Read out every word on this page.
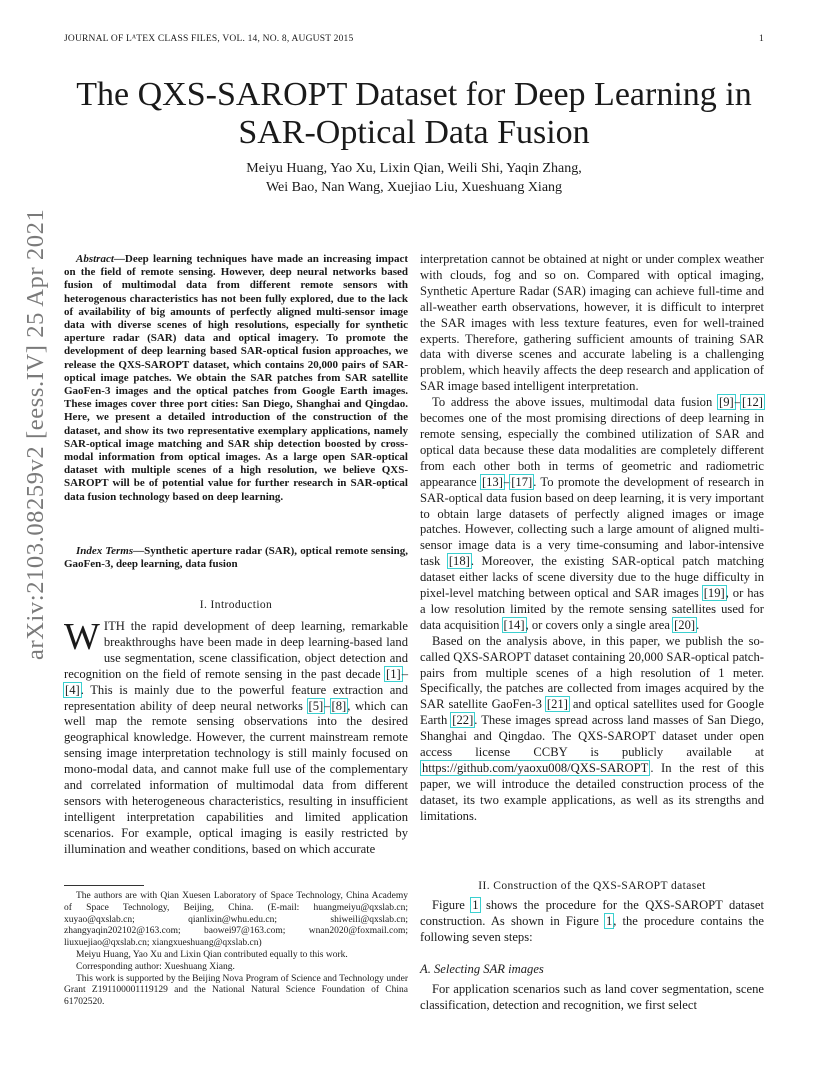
JOURNAL OF LᴬTEX CLASS FILES, VOL. 14, NO. 8, AUGUST 2015	1
arXiv:2103.08259v2 [eess.IV] 25 Apr 2021
The QXS-SAROPT Dataset for Deep Learning in SAR-Optical Data Fusion
Meiyu Huang, Yao Xu, Lixin Qian, Weili Shi, Yaqin Zhang,
Wei Bao, Nan Wang, Xuejiao Liu, Xueshuang Xiang

Abstract—Deep learning techniques have made an increasing impact on the field of remote sensing. However, deep neural networks based fusion of multimodal data from different remote sensors with heterogenous characteristics has not been fully explored, due to the lack of availability of big amounts of perfectly aligned multi-sensor image data with diverse scenes of high resolutions, especially for synthetic aperture radar (SAR) data and optical imagery. To promote the development of deep learning based SAR-optical fusion approaches, we release the QXS-SAROPT dataset, which contains 20,000 pairs of SAR-optical image patches. We obtain the SAR patches from SAR satellite GaoFen-3 images and the optical patches from Google Earth images. These images cover three port cities: San Diego, Shanghai and Qingdao. Here, we present a detailed introduction of the construction of the dataset, and show its two representative exemplary applications, namely SAR-optical image matching and SAR ship detection boosted by cross-modal information from optical images. As a large open SAR-optical dataset with multiple scenes of a high resolution, we believe QXS-SAROPT will be of potential value for further research in SAR-optical data fusion technology based on deep learning.

Index Terms—Synthetic aperture radar (SAR), optical remote sensing, GaoFen-3, deep learning, data fusion
I. Introduction

WITH the rapid development of deep learning, remarkable breakthroughs have been made in deep learning-based land use segmentation, scene classification, object detection and recognition on the field of remote sensing in the past decade [1]–[4]. This is mainly due to the powerful feature extraction and representation ability of deep neural networks [5]–[8], which can well map the remote sensing observations into the desired geographical knowledge. However, the current mainstream remote sensing image interpretation technology is still mainly focused on mono-modal data, and cannot make full use of the complementary and correlated information of multimodal data from different sensors with heterogeneous characteristics, resulting in insufficient intelligent interpretation capabilities and limited application scenarios. For example, optical imaging is easily restricted by illumination and weather conditions, based on which accurate

The authors are with Qian Xuesen Laboratory of Space Technology, China Academy of Space Technology, Beijing, China. (E-mail: huangmeiyu@qxslab.cn; xuyao@qxslab.cn; qianlixin@whu.edu.cn; shiweili@qxslab.cn; zhangyaqin202102@163.com; baowei97@163.com; wnan2020@foxmail.com; liuxuejiao@qxslab.cn; xiangxueshuang@qxslab.cn)

Meiyu Huang, Yao Xu and Lixin Qian contributed equally to this work.

Corresponding author: Xueshuang Xiang.

This work is supported by the Beijing Nova Program of Science and Technology under Grant Z191100001119129 and the National Natural Science Foundation of China 61702520.

interpretation cannot be obtained at night or under complex weather with clouds, fog and so on. Compared with optical imaging, Synthetic Aperture Radar (SAR) imaging can achieve full-time and all-weather earth observations, however, it is difficult to interpret the SAR images with less texture features, even for well-trained experts. Therefore, gathering sufficient amounts of training SAR data with diverse scenes and accurate labeling is a challenging problem, which heavily affects the deep research and application of SAR image based intelligent interpretation.

To address the above issues, multimodal data fusion [9]–[12] becomes one of the most promising directions of deep learning in remote sensing, especially the combined utilization of SAR and optical data because these data modalities are completely different from each other both in terms of geometric and radiometric appearance [13]–[17]. To promote the development of research in SAR-optical data fusion based on deep learning, it is very important to obtain large datasets of perfectly aligned images or image patches. However, collecting such a large amount of aligned multi-sensor image data is a very time-consuming and labor-intensive task [18]. Moreover, the existing SAR-optical patch matching dataset either lacks of scene diversity due to the huge difficulty in pixel-level matching between optical and SAR images [19], or has a low resolution limited by the remote sensing satellites used for data acquisition [14], or covers only a single area [20].

Based on the analysis above, in this paper, we publish the so-called QXS-SAROPT dataset containing 20,000 SAR-optical patch-pairs from multiple scenes of a high resolution of 1 meter. Specifically, the patches are collected from images acquired by the SAR satellite GaoFen-3 [21] and optical satellites used for Google Earth [22]. These images spread across land masses of San Diego, Shanghai and Qingdao. The QXS-SAROPT dataset under open access license CCBY is publicly available at https://github.com/yaoxu008/QXS-SAROPT . In the rest of this paper, we will introduce the detailed construction process of the dataset, its two example applications, as well as its strengths and limitations.

II. Construction of the QXS-SAROPT dataset

Figure 1 shows the procedure for the QXS-SAROPT dataset construction. As shown in Figure 1, the procedure contains the following seven steps:

A. Selecting SAR images

For application scenarios such as land cover segmentation, scene classification, detection and recognition, we first select
